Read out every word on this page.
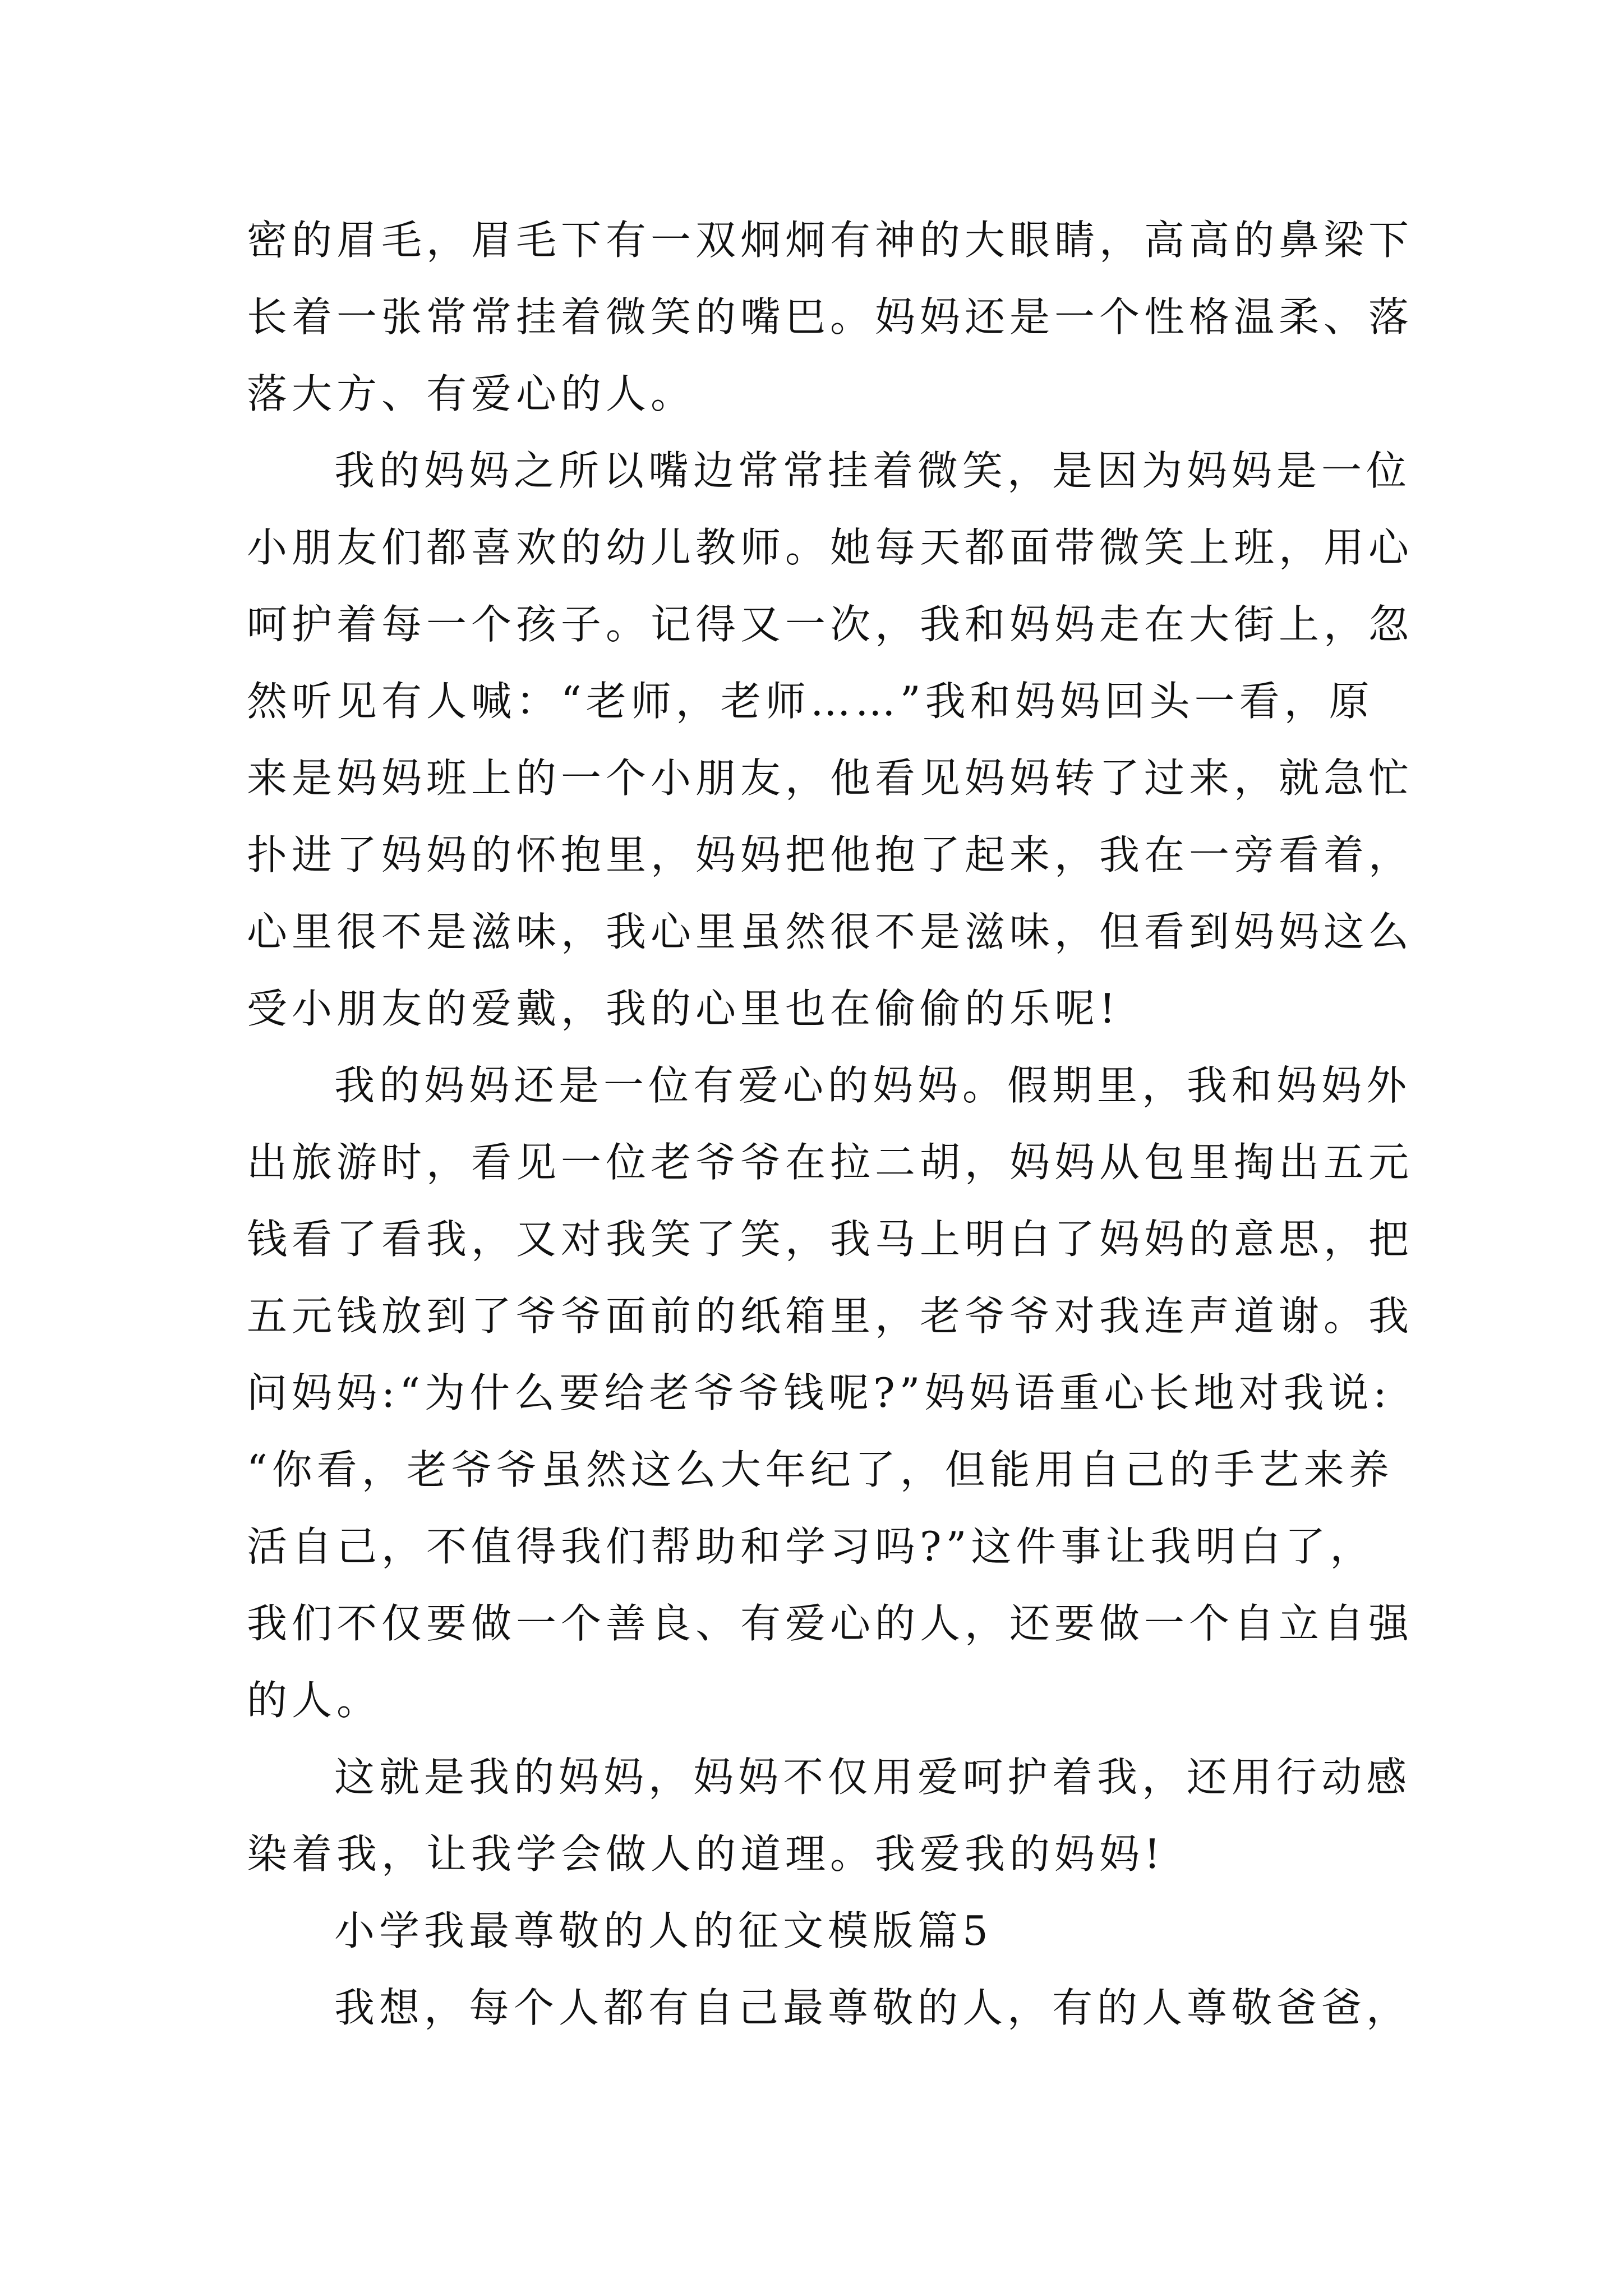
密的眉毛，眉毛下有一双炯炯有神的大眼睛，高高的鼻梁下
长着一张常常挂着微笑的嘴巴。妈妈还是一个性格温柔、落
落大方、有爱心的人。
我的妈妈之所以嘴边常常挂着微笑，是因为妈妈是一位
小朋友们都喜欢的幼儿教师。她每天都面带微笑上班，用心
呵护着每一个孩子。记得又一次，我和妈妈走在大街上，忽
然听见有人喊：“老师，老师……”我和妈妈回头一看，原
来是妈妈班上的一个小朋友，他看见妈妈转了过来，就急忙
扑进了妈妈的怀抱里，妈妈把他抱了起来，我在一旁看着，
心里很不是滋味，我心里虽然很不是滋味，但看到妈妈这么
受小朋友的爱戴，我的心里也在偷偷的乐呢!
我的妈妈还是一位有爱心的妈妈。假期里，我和妈妈外
出旅游时，看见一位老爷爷在拉二胡，妈妈从包里掏出五元
钱看了看我，又对我笑了笑，我马上明白了妈妈的意思，把
五元钱放到了爷爷面前的纸箱里，老爷爷对我连声道谢。我
问妈妈:“为什么要给老爷爷钱呢?”妈妈语重心长地对我说:
“你看，老爷爷虽然这么大年纪了，但能用自己的手艺来养
活自己，不值得我们帮助和学习吗?”这件事让我明白了，
我们不仅要做一个善良、有爱心的人，还要做一个自立自强
的人。
这就是我的妈妈，妈妈不仅用爱呵护着我，还用行动感
染着我，让我学会做人的道理。我爱我的妈妈!
小学我最尊敬的人的征文模版篇5
我想，每个人都有自己最尊敬的人，有的人尊敬爸爸，
